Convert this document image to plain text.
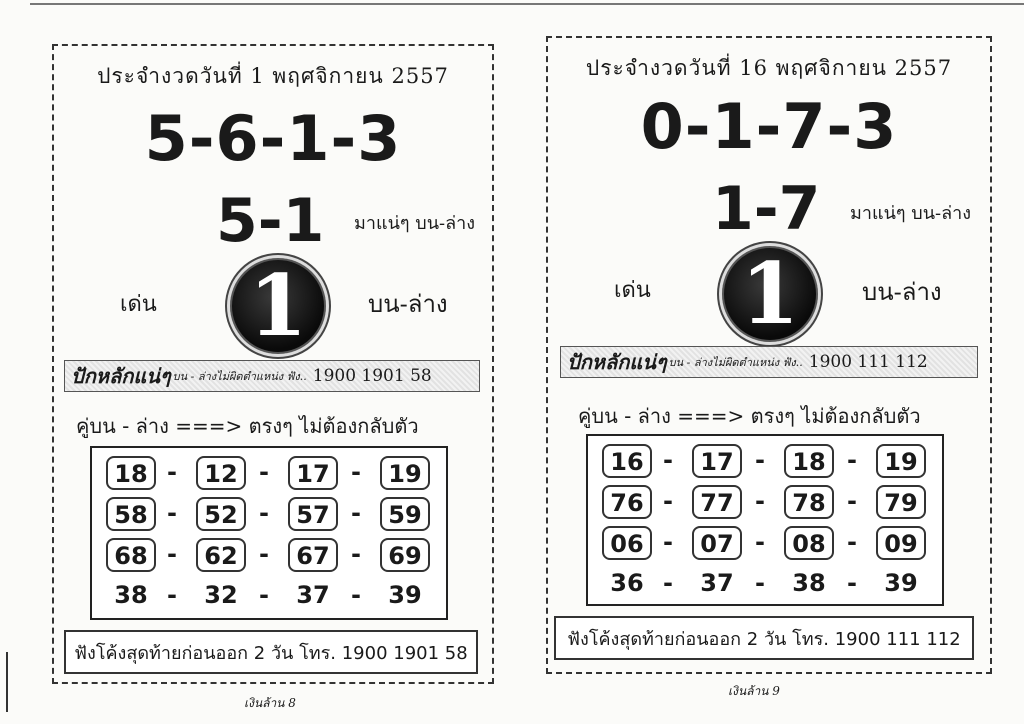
ประจำงวดวันที่ 1 พฤศจิกายน 2557
5-6-1-3
5-1 มาแน่ๆ บน-ล่าง
เด่น 1	บน-ล่าง
ปักหลักแน่ๆ บน - ล่างไม่ผิดตำแหน่ง ฟัง.. 1900 1901 58
คู่บน - ล่าง ===> ตรงๆ ไม่ต้องกลับตัว
18 -	12 -	17 -	19
58 -	52 -	57 -	59
68 -	62 -	67 -	69
38 -	32 -	37 -	39
ฟังโค้งสุดท้ายก่อนออก 2 วัน โทร. 1900 1901 58
เงินล้าน 8
ประจำงวดวันที่ 16 พฤศจิกายน 2557
0-1-7-3
1-7 มาแน่ๆ บน-ล่าง
เด่น 1	บน-ล่าง
ปักหลักแน่ๆ บน - ล่างไม่ผิดตำแหน่ง ฟัง.. 1900 111 112
คู่บน - ล่าง ===> ตรงๆ ไม่ต้องกลับตัว
16 -	17 -	18 -	19
76 -	77 -	78 -	79
06 -	07 -	08 -	09
36 -	37 -	38 -	39
ฟังโค้งสุดท้ายก่อนออก 2 วัน โทร. 1900 111 112
เงินล้าน 9
